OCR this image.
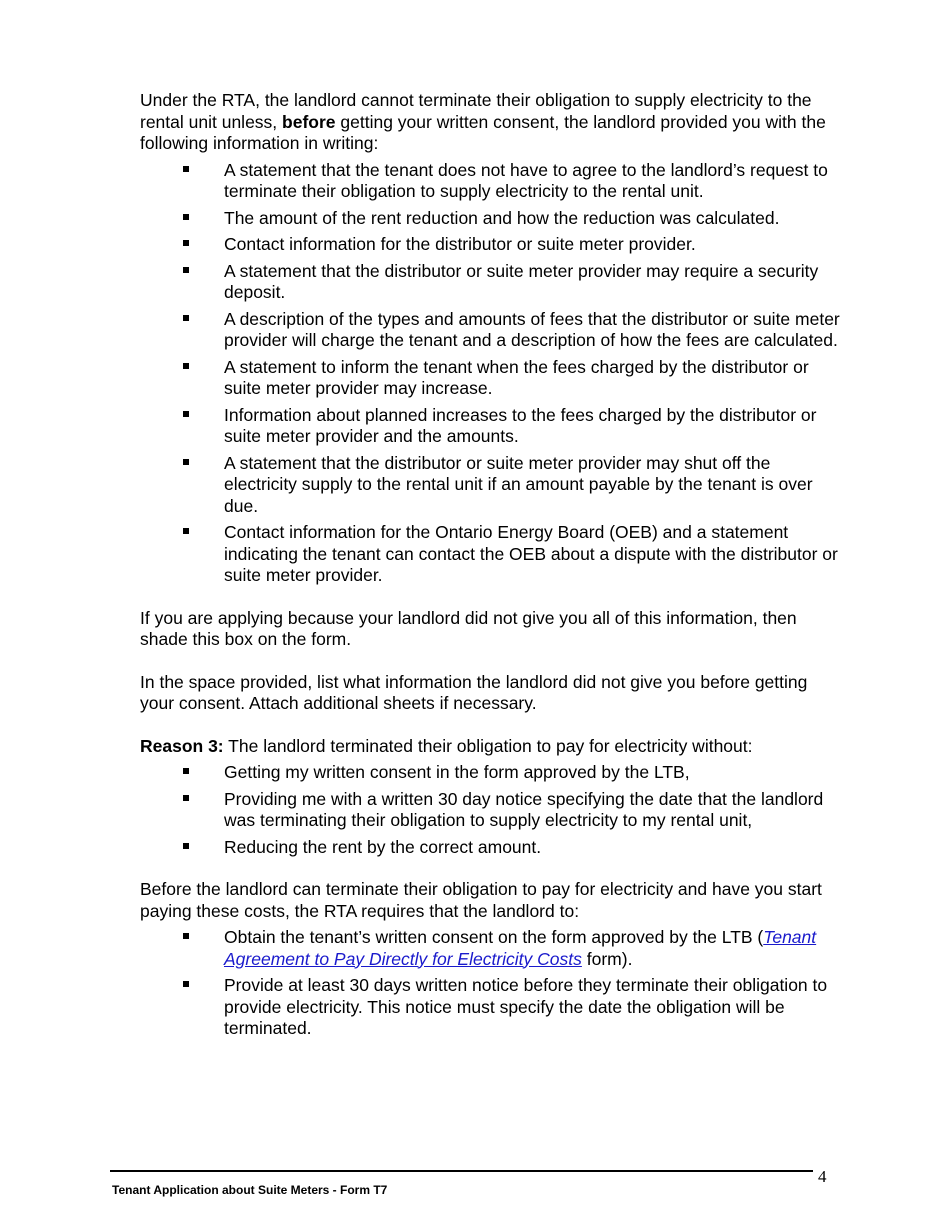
Under the RTA, the landlord cannot terminate their obligation to supply electricity to the rental unit unless, before getting your written consent, the landlord provided you with the following information in writing:

A statement that the tenant does not have to agree to the landlord’s request to terminate their obligation to supply electricity to the rental unit.
The amount of the rent reduction and how the reduction was calculated.
Contact information for the distributor or suite meter provider.
A statement that the distributor or suite meter provider may require a security deposit.
A description of the types and amounts of fees that the distributor or suite meter provider will charge the tenant and a description of how the fees are calculated.
A statement to inform the tenant when the fees charged by the distributor or suite meter provider may increase.
Information about planned increases to the fees charged by the distributor or suite meter provider and the amounts.
A statement that the distributor or suite meter provider may shut off the electricity supply to the rental unit if an amount payable by the tenant is over due.
Contact information for the Ontario Energy Board (OEB) and a statement indicating the tenant can contact the OEB about a dispute with the distributor or suite meter provider.

If you are applying because your landlord did not give you all of this information, then shade this box on the form.

In the space provided, list what information the landlord did not give you before getting your consent. Attach additional sheets if necessary.

Reason 3: The landlord terminated their obligation to pay for electricity without:

Getting my written consent in the form approved by the LTB,
Providing me with a written 30 day notice specifying the date that the landlord was terminating their obligation to supply electricity to my rental unit,
Reducing the rent by the correct amount.

Before the landlord can terminate their obligation to pay for electricity and have you start paying these costs, the RTA requires that the landlord to:

Obtain the tenant’s written consent on the form approved by the LTB (Tenant Agreement to Pay Directly for Electricity Costs form).
Provide at least 30 days written notice before they terminate their obligation to provide electricity. This notice must specify the date the obligation will be terminated.
4
Tenant Application about Suite Meters - Form T7
